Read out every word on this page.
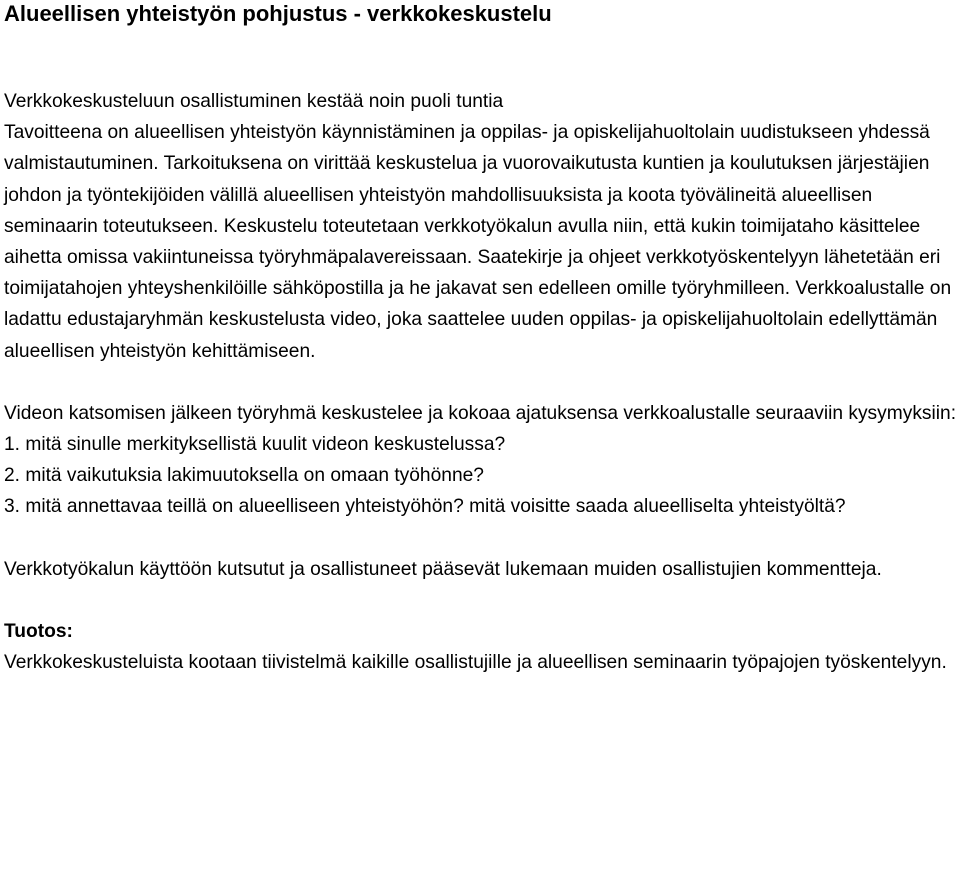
Alueellisen yhteistyön pohjustus - verkkokeskustelu

Verkkokeskusteluun osallistuminen kestää noin puoli tuntia

Tavoitteena on alueellisen yhteistyön käynnistäminen ja oppilas- ja opiskelijahuoltolain uudistukseen yhdessä valmistautuminen. Tarkoituksena on virittää keskustelua ja vuorovaikutusta kuntien ja koulutuksen järjestäjien johdon ja työntekijöiden välillä alueellisen yhteistyön mahdollisuuksista ja koota työvälineitä alueellisen seminaarin toteutukseen. Keskustelu toteutetaan verkkotyökalun avulla niin, että kukin toimijataho käsittelee aihetta omissa vakiintuneissa työryhmäpalavereissaan. Saatekirje ja ohjeet verkkotyöskentelyyn lähetetään eri toimijatahojen yhteyshenkilöille sähköpostilla ja he jakavat sen edelleen omille työryhmilleen. Verkkoalustalle on ladattu edustajaryhmän keskustelusta video, joka saattelee uuden oppilas- ja opiskelijahuoltolain edellyttämän alueellisen yhteistyön kehittämiseen.

Videon katsomisen jälkeen työryhmä keskustelee ja kokoaa ajatuksensa verkkoalustalle seuraaviin kysymyksiin:

1. mitä sinulle merkityksellistä kuulit videon keskustelussa?

2. mitä vaikutuksia lakimuutoksella on omaan työhönne?

3. mitä annettavaa teillä on alueelliseen yhteistyöhön? mitä voisitte saada alueelliselta yhteistyöltä?

Verkkotyökalun käyttöön kutsutut ja osallistuneet pääsevät lukemaan muiden osallistujien kommentteja.

Tuotos:

Verkkokeskusteluista kootaan tiivistelmä kaikille osallistujille ja alueellisen seminaarin työpajojen työskentelyyn.
